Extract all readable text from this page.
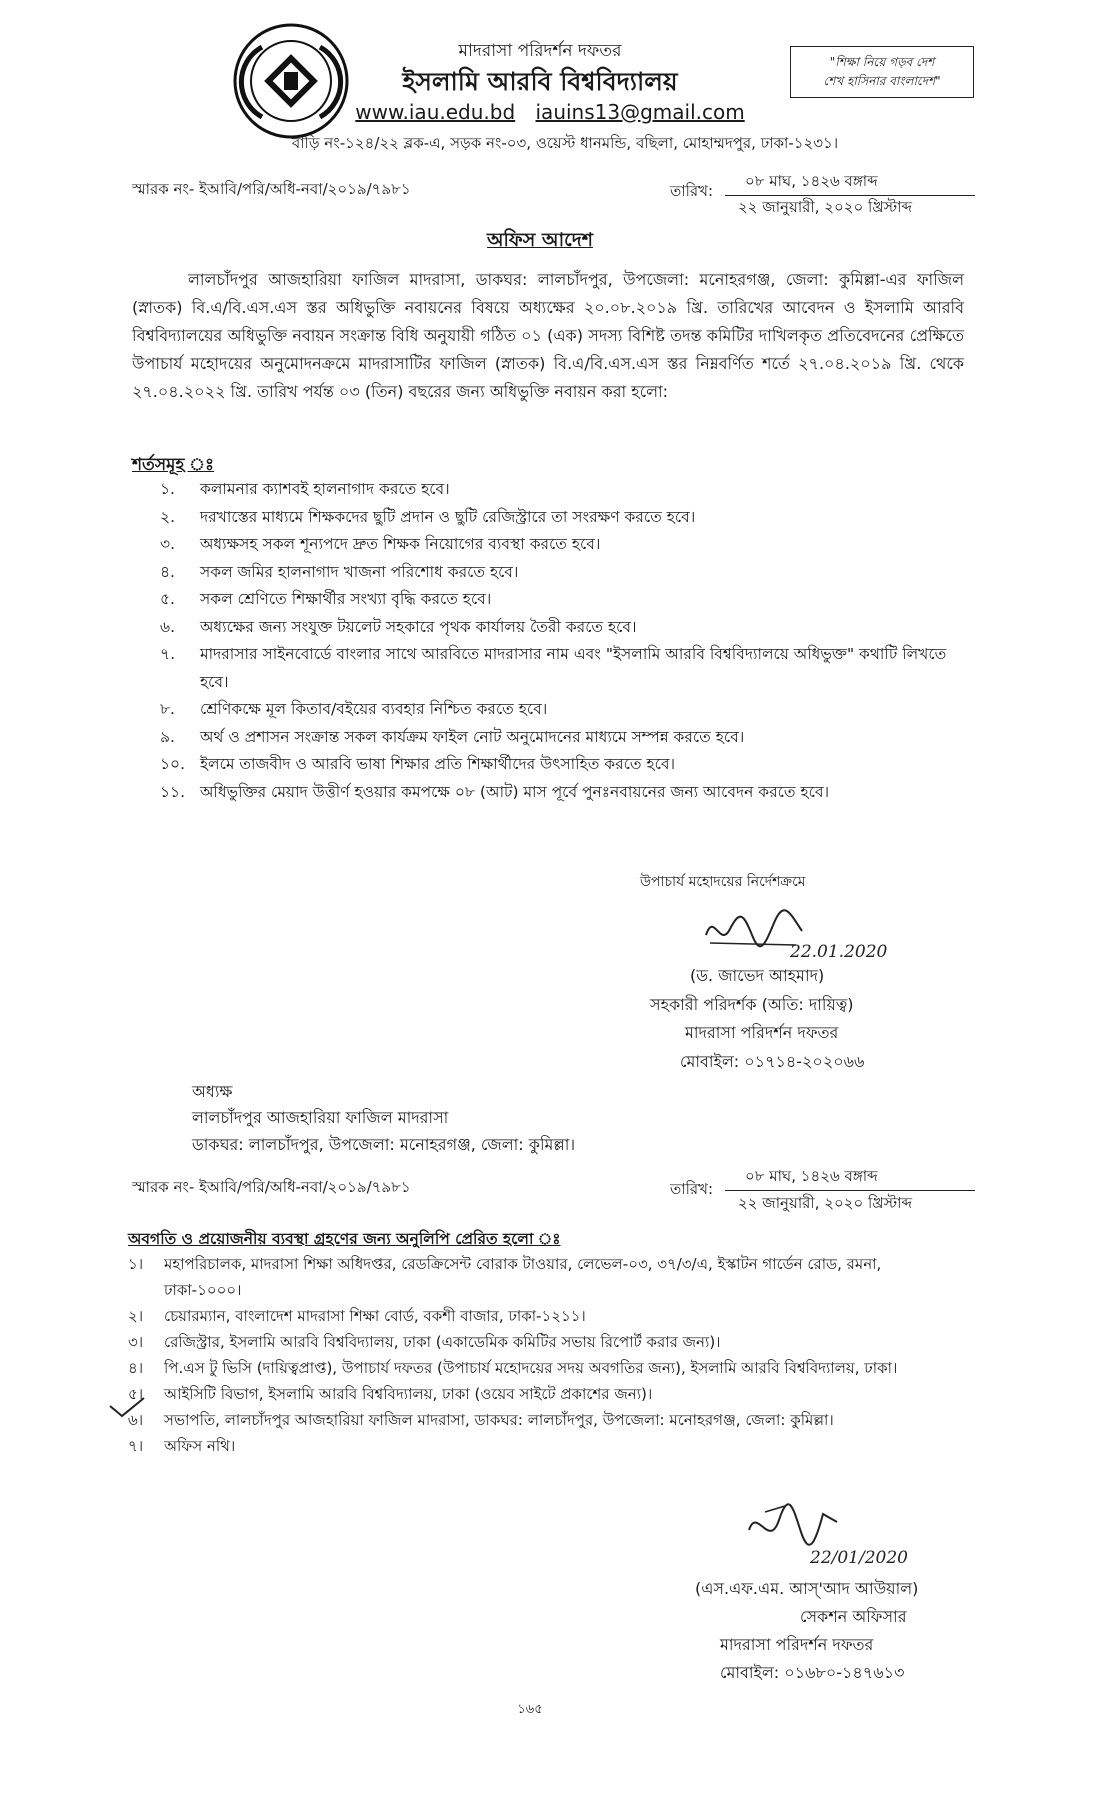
মাদরাসা পরিদর্শন দফতর
ইসলামি আরবি বিশ্ববিদ্যালয়
www.iau.edu.bd iauins13@gmail.com
বাড়ি নং-১২৪/২২ ব্লক-এ, সড়ক নং-০৩, ওয়েস্ট ধানমন্ডি, বছিলা, মোহাম্মদপুর, ঢাকা-১২৩১।
"শিক্ষা নিয়ে গড়ব দেশ
শেখ হাসিনার বাংলাদেশ"
স্মারক নং- ইআবি/পরি/অধি-নবা/২০১৯/৭৯৮১	তারিখ:
০৮ মাঘ, ১৪২৬ বঙ্গাব্দ
২২ জানুয়ারী, ২০২০ খ্রিস্টাব্দ
অফিস আদেশ
লালচাঁদপুর আজহারিয়া ফাজিল মাদরাসা, ডাকঘর: লালচাঁদপুর, উপজেলা: মনোহরগঞ্জ, জেলা: কুমিল্লা-এর ফাজিল (স্নাতক) বি.এ/বি.এস.এস স্তর অধিভুক্তি নবায়নের বিষয়ে অধ্যক্ষের ২০.০৮.২০১৯ খ্রি. তারিখের আবেদন ও ইসলামি আরবি বিশ্ববিদ্যালয়ের অধিভুক্তি নবায়ন সংক্রান্ত বিধি অনুযায়ী গঠিত ০১ (এক) সদস্য বিশিষ্ট তদন্ত কমিটির দাখিলকৃত প্রতিবেদনের প্রেক্ষিতে উপাচার্য মহোদয়ের অনুমোদনক্রমে মাদরাসাটির ফাজিল (স্নাতক) বি.এ/বি.এস.এস স্তর নিম্নবর্ণিত শর্তে ২৭.০৪.২০১৯ খ্রি. থেকে ২৭.০৪.২০২২ খ্রি. তারিখ পর্যন্ত ০৩ (তিন) বছরের জন্য অধিভুক্তি নবায়ন করা হলো:
শর্তসমূহ ঃ
১.	কলামনার ক্যাশবই হালনাগাদ করতে হবে।
২.	দরখাস্তের মাধ্যমে শিক্ষকদের ছুটি প্রদান ও ছুটি রেজিস্ট্রারে তা সংরক্ষণ করতে হবে।
৩.	অধ্যক্ষসহ সকল শূন্যপদে দ্রুত শিক্ষক নিয়োগের ব্যবস্থা করতে হবে।
৪.	সকল জমির হালনাগাদ খাজনা পরিশোধ করতে হবে।
৫.	সকল শ্রেণিতে শিক্ষার্থীর সংখ্যা বৃদ্ধি করতে হবে।
৬.	অধ্যক্ষের জন্য সংযুক্ত টয়লেট সহকারে পৃথক কার্যালয় তৈরী করতে হবে।
৭.	মাদরাসার সাইনবোর্ডে বাংলার সাথে আরবিতে মাদরাসার নাম এবং "ইসলামি আরবি বিশ্ববিদ্যালয়ে অধিভুক্ত" কথাটি লিখতে হবে।
৮.	শ্রেণিকক্ষে মূল কিতাব/বইয়ের ব্যবহার নিশ্চিত করতে হবে।
৯.	অর্থ ও প্রশাসন সংক্রান্ত সকল কার্যক্রম ফাইল নোট অনুমোদনের মাধ্যমে সম্পন্ন করতে হবে।
১০. ইলমে তাজবীদ ও আরবি ভাষা শিক্ষার প্রতি শিক্ষার্থীদের উৎসাহিত করতে হবে।
১১. অধিভুক্তির মেয়াদ উত্তীর্ণ হওয়ার কমপক্ষে ০৮ (আট) মাস পূর্বে পুনঃনবায়নের জন্য আবেদন করতে হবে।
উপাচার্য মহোদয়ের নির্দেশক্রমে
22.01.2020
(ড. জাভেদ আহমাদ)
সহকারী পরিদর্শক (অতি: দায়িত্ব)
মাদরাসা পরিদর্শন দফতর
মোবাইল: ০১৭১৪-২০২০৬৬
অধ্যক্ষ
লালচাঁদপুর আজহারিয়া ফাজিল মাদরাসা
ডাকঘর: লালচাঁদপুর, উপজেলা: মনোহরগঞ্জ, জেলা: কুমিল্লা।
স্মারক নং- ইআবি/পরি/অধি-নবা/২০১৯/৭৯৮১	তারিখ:
০৮ মাঘ, ১৪২৬ বঙ্গাব্দ
২২ জানুয়ারী, ২০২০ খ্রিস্টাব্দ
অবগতি ও প্রয়োজনীয় ব্যবস্থা গ্রহণের জন্য অনুলিপি প্রেরিত হলো ঃ
১।	মহাপরিচালক, মাদরাসা শিক্ষা অধিদপ্তর, রেডক্রিসেন্ট বোরাক টাওয়ার, লেভেল-০৩, ৩৭/৩/এ, ইস্কাটন গার্ডেন রোড, রমনা, ঢাকা-১০০০।
২।	চেয়ারম্যান, বাংলাদেশ মাদরাসা শিক্ষা বোর্ড, বকশী বাজার, ঢাকা-১২১১।
৩।	রেজিস্ট্রার, ইসলামি আরবি বিশ্ববিদ্যালয়, ঢাকা (একাডেমিক কমিটির সভায় রিপোর্ট করার জন্য)।
৪।	পি.এস টু ভিসি (দায়িত্বপ্রাপ্ত), উপাচার্য দফতর (উপাচার্য মহোদয়ের সদয় অবগতির জন্য), ইসলামি আরবি বিশ্ববিদ্যালয়, ঢাকা।
৫।	আইসিটি বিভাগ, ইসলামি আরবি বিশ্ববিদ্যালয়, ঢাকা (ওয়েব সাইটে প্রকাশের জন্য)।
৬।	সভাপতি, লালচাঁদপুর আজহারিয়া ফাজিল মাদরাসা, ডাকঘর: লালচাঁদপুর, উপজেলা: মনোহরগঞ্জ, জেলা: কুমিল্লা।
৭।	অফিস নথি।
22/01/2020
(এস.এফ.এম. আস্'আদ আউয়াল)
সেকশন অফিসার
মাদরাসা পরিদর্শন দফতর
মোবাইল: ০১৬৮০-১৪৭৬১৩
১৬৫
